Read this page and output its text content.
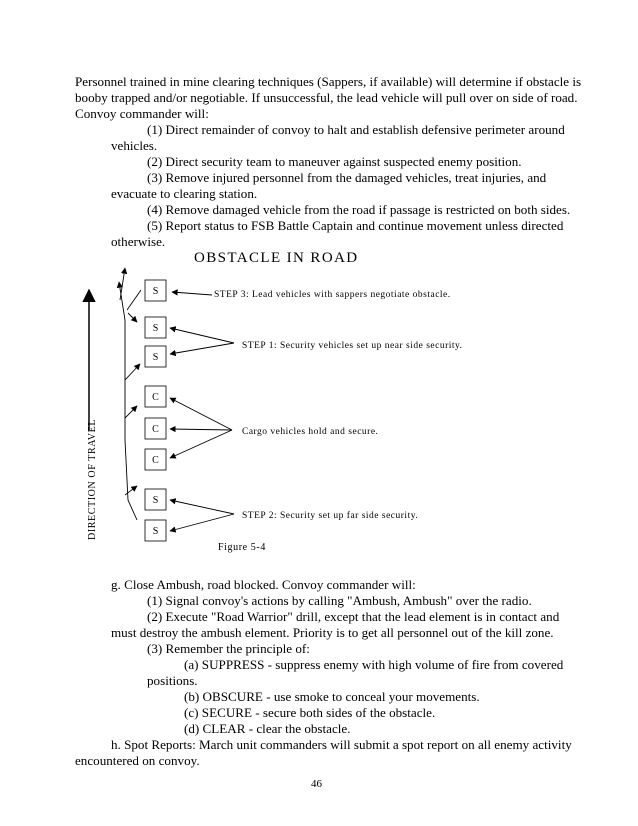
Personnel trained in mine clearing techniques (Sappers, if available) will determine if obstacle is
booby trapped and/or negotiable. If unsuccessful, the lead vehicle will pull over on side of road.
Convoy commander will:
(1) Direct remainder of convoy to halt and establish defensive perimeter around
vehicles.
(2) Direct security team to maneuver against suspected enemy position.
(3) Remove injured personnel from the damaged vehicles, treat injuries, and
evacuate to clearing station.
(4) Remove damaged vehicle from the road if passage is restricted on both sides.
(5) Report status to FSB Battle Captain and continue movement unless directed
otherwise.
OBSTACLE IN ROAD
DIRECTION OF TRAVEL
S
S
S
C
C
C
S
S
STEP 3: Lead vehicles with sappers negotiate obstacle.
STEP 1: Security vehicles set up near side security.
Cargo vehicles hold and secure.
STEP 2: Security set up far side security.
Figure 5-4
g. Close Ambush, road blocked. Convoy commander will:
(1) Signal convoy's actions by calling "Ambush, Ambush" over the radio.
(2) Execute "Road Warrior" drill, except that the lead element is in contact and
must destroy the ambush element. Priority is to get all personnel out of the kill zone.
(3) Remember the principle of:
(a) SUPPRESS - suppress enemy with high volume of fire from covered
positions.
(b) OBSCURE - use smoke to conceal your movements.
(c) SECURE - secure both sides of the obstacle.
(d) CLEAR - clear the obstacle.
h. Spot Reports: March unit commanders will submit a spot report on all enemy activity
encountered on convoy.
46
